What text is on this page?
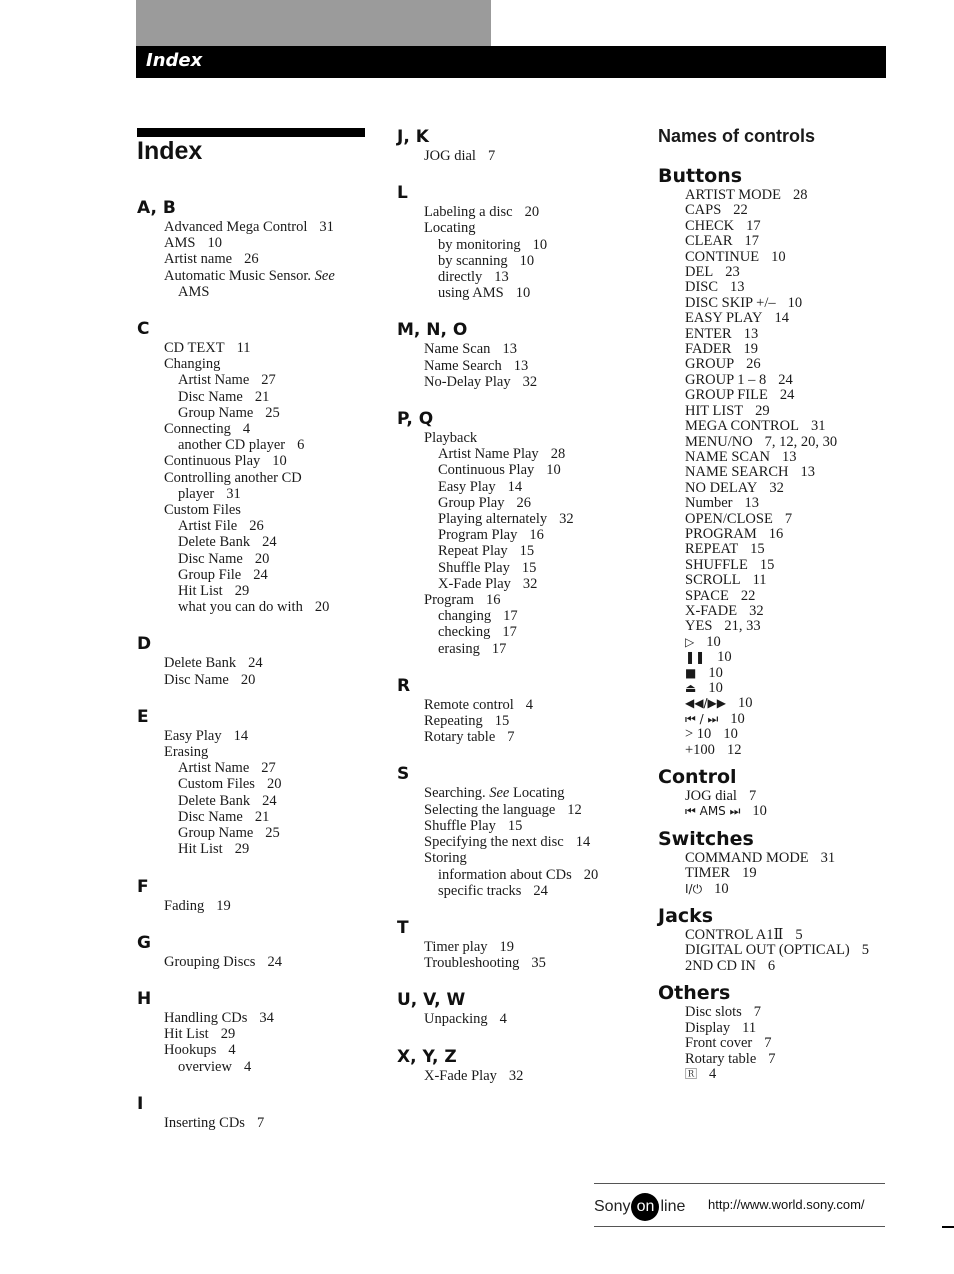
Index
Index
A, B
Advanced Mega Control 31
AMS 10
Artist name 26
Automatic Music Sensor. See
AMS
C
CD TEXT 11
Changing
Artist Name 27
Disc Name 21
Group Name 25
Connecting 4
another CD player 6
Continuous Play 10
Controlling another CD
player 31
Custom Files
Artist File 26
Delete Bank 24
Disc Name 20
Group File 24
Hit List 29
what you can do with 20
D
Delete Bank 24
Disc Name 20
E
Easy Play 14
Erasing
Artist Name 27
Custom Files 20
Delete Bank 24
Disc Name 21
Group Name 25
Hit List 29
F
Fading 19
G
Grouping Discs 24
H
Handling CDs 34
Hit List 29
Hookups 4
overview 4
I
Inserting CDs 7
J, K
JOG dial 7
L
Labeling a disc 20
Locating
by monitoring 10
by scanning 10
directly 13
using AMS 10
M, N, O
Name Scan 13
Name Search 13
No-Delay Play 32
P, Q
Playback
Artist Name Play 28
Continuous Play 10
Easy Play 14
Group Play 26
Playing alternately 32
Program Play 16
Repeat Play 15
Shuffle Play 15
X-Fade Play 32
Program 16
changing 17
checking 17
erasing 17
R
Remote control 4
Repeating 15
Rotary table 7
S
Searching. See Locating
Selecting the language 12
Shuffle Play 15
Specifying the next disc 14
Storing
information about CDs 20
specific tracks 24
T
Timer play 19
Troubleshooting 35
U, V, W
Unpacking 4
X, Y, Z
X-Fade Play 32
Names of controls
Buttons
ARTIST MODE 28
CAPS 22
CHECK 17
CLEAR 17
CONTINUE 10
DEL 23
DISC 13
DISC SKIP +/– 10
EASY PLAY 14
ENTER 13
FADER 19
GROUP 26
GROUP 1 – 8 24
GROUP FILE 24
HIT LIST 29
MEGA CONTROL 31
MENU/NO 7, 12, 20, 30
NAME SCAN 13
NAME SEARCH 13
NO DELAY 32
Number 13
OPEN/CLOSE 7
PROGRAM 16
REPEAT 15
SHUFFLE 15
SCROLL 11
SPACE 22
X-FADE 32
YES 21, 33
▷ 10
❚❚ 10
■ 10
⏏ 10
◀◀/▶▶ 10
⏮ / ⏭ 10
> 10 10
+100 12
Control
JOG dial 7
⏮ AMS ⏭ 10
Switches
COMMAND MODE 31
TIMER 19
I/⏻ 10
Jacks
CONTROL A1Ⅱ 5
DIGITAL OUT (OPTICAL) 5
2ND CD IN 6
Others
Disc slots 7
Display 11
Front cover 7
Rotary table 7
🅁 4
Sony on line http://www.world.sony.com/
